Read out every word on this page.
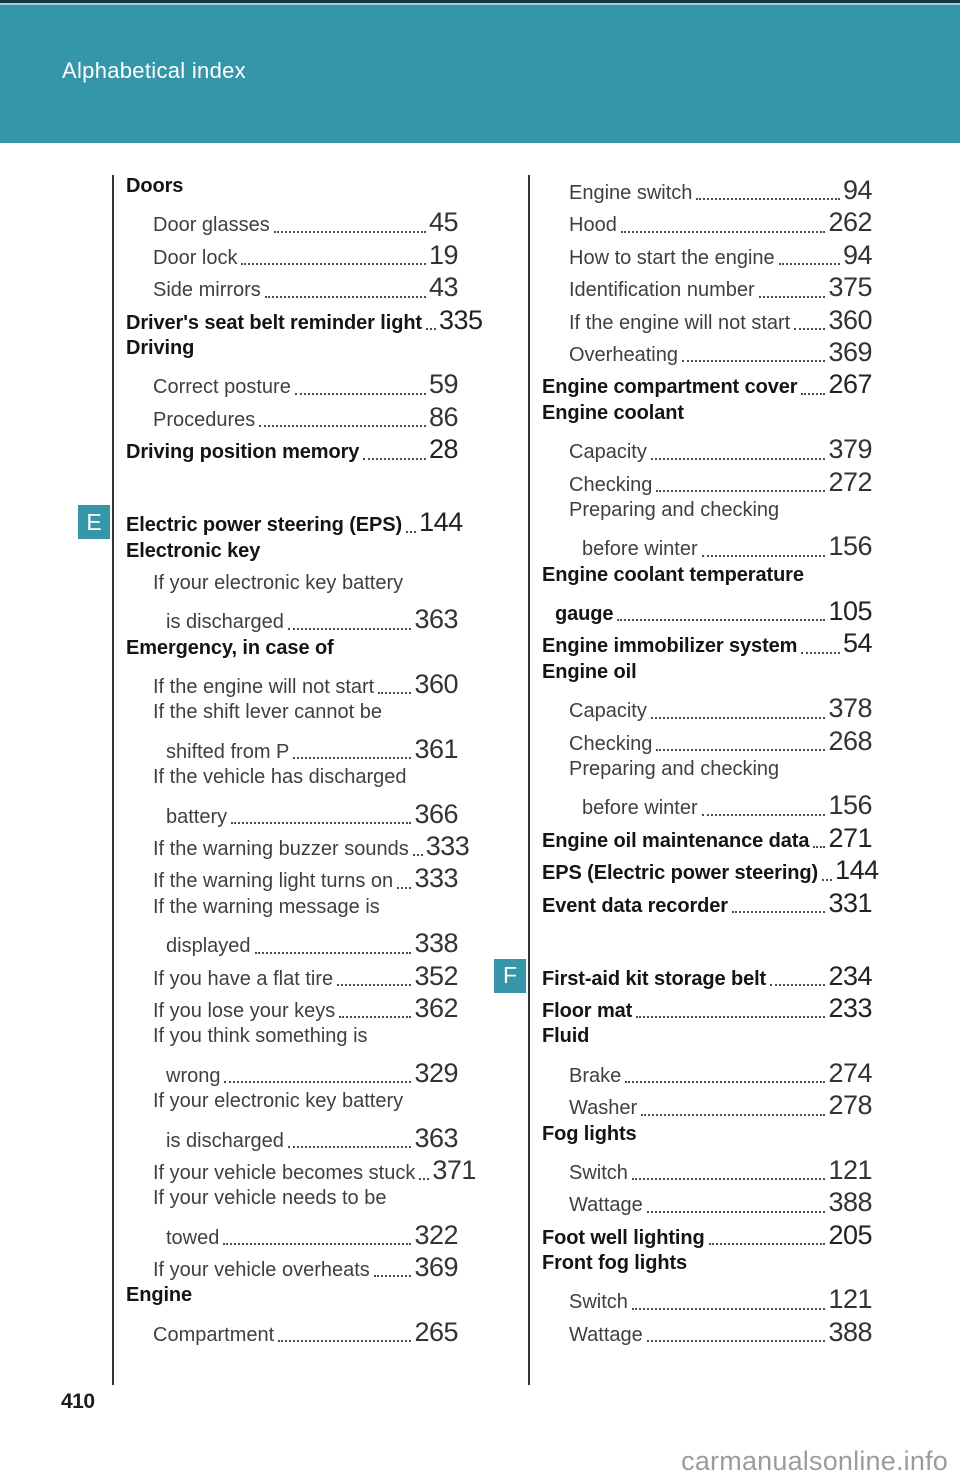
Alphabetical index
Doors
Door glasses	45
Door lock	19
Side mirrors	43
Driver's seat belt reminder light 335
Driving
Correct posture	59
Procedures	86
Driving position memory	28
E	Electric power steering (EPS) 144
Electronic key
If your electronic key battery
is discharged	363
Emergency, in case of
If the engine will not start 360
If the shift lever cannot be
shifted from P	361
If the vehicle has discharged
battery	366
If the warning buzzer sounds 333
If the warning light turns on 333
If the warning message is
displayed	338
If you have a flat tire	352
If you lose your keys	362
If you think something is
wrong	329
If your electronic key battery
is discharged	363
If your vehicle becomes stuck 371
If your vehicle needs to be
towed	322
If your vehicle overheats 369
Engine
Compartment	265
Engine switch	94
Hood	262
How to start the engine	94
Identification number	375
If the engine will not start 360
Overheating	369
Engine compartment cover 267
Engine coolant
Capacity	379
Checking	272
Preparing and checking
before winter	156
Engine coolant temperature
gauge	105
Engine immobilizer system 54
Engine oil
Capacity	378
Checking	268
Preparing and checking
before winter	156
Engine oil maintenance data 271
EPS (Electric power steering) 144
Event data recorder	331
F	First-aid kit storage belt 234
Floor mat	233
Fluid
Brake	274
Washer	278
Fog lights
Switch	121
Wattage	388
Foot well lighting	205
Front fog lights
Switch	121
Wattage	388
410
carmanualsonline.info
